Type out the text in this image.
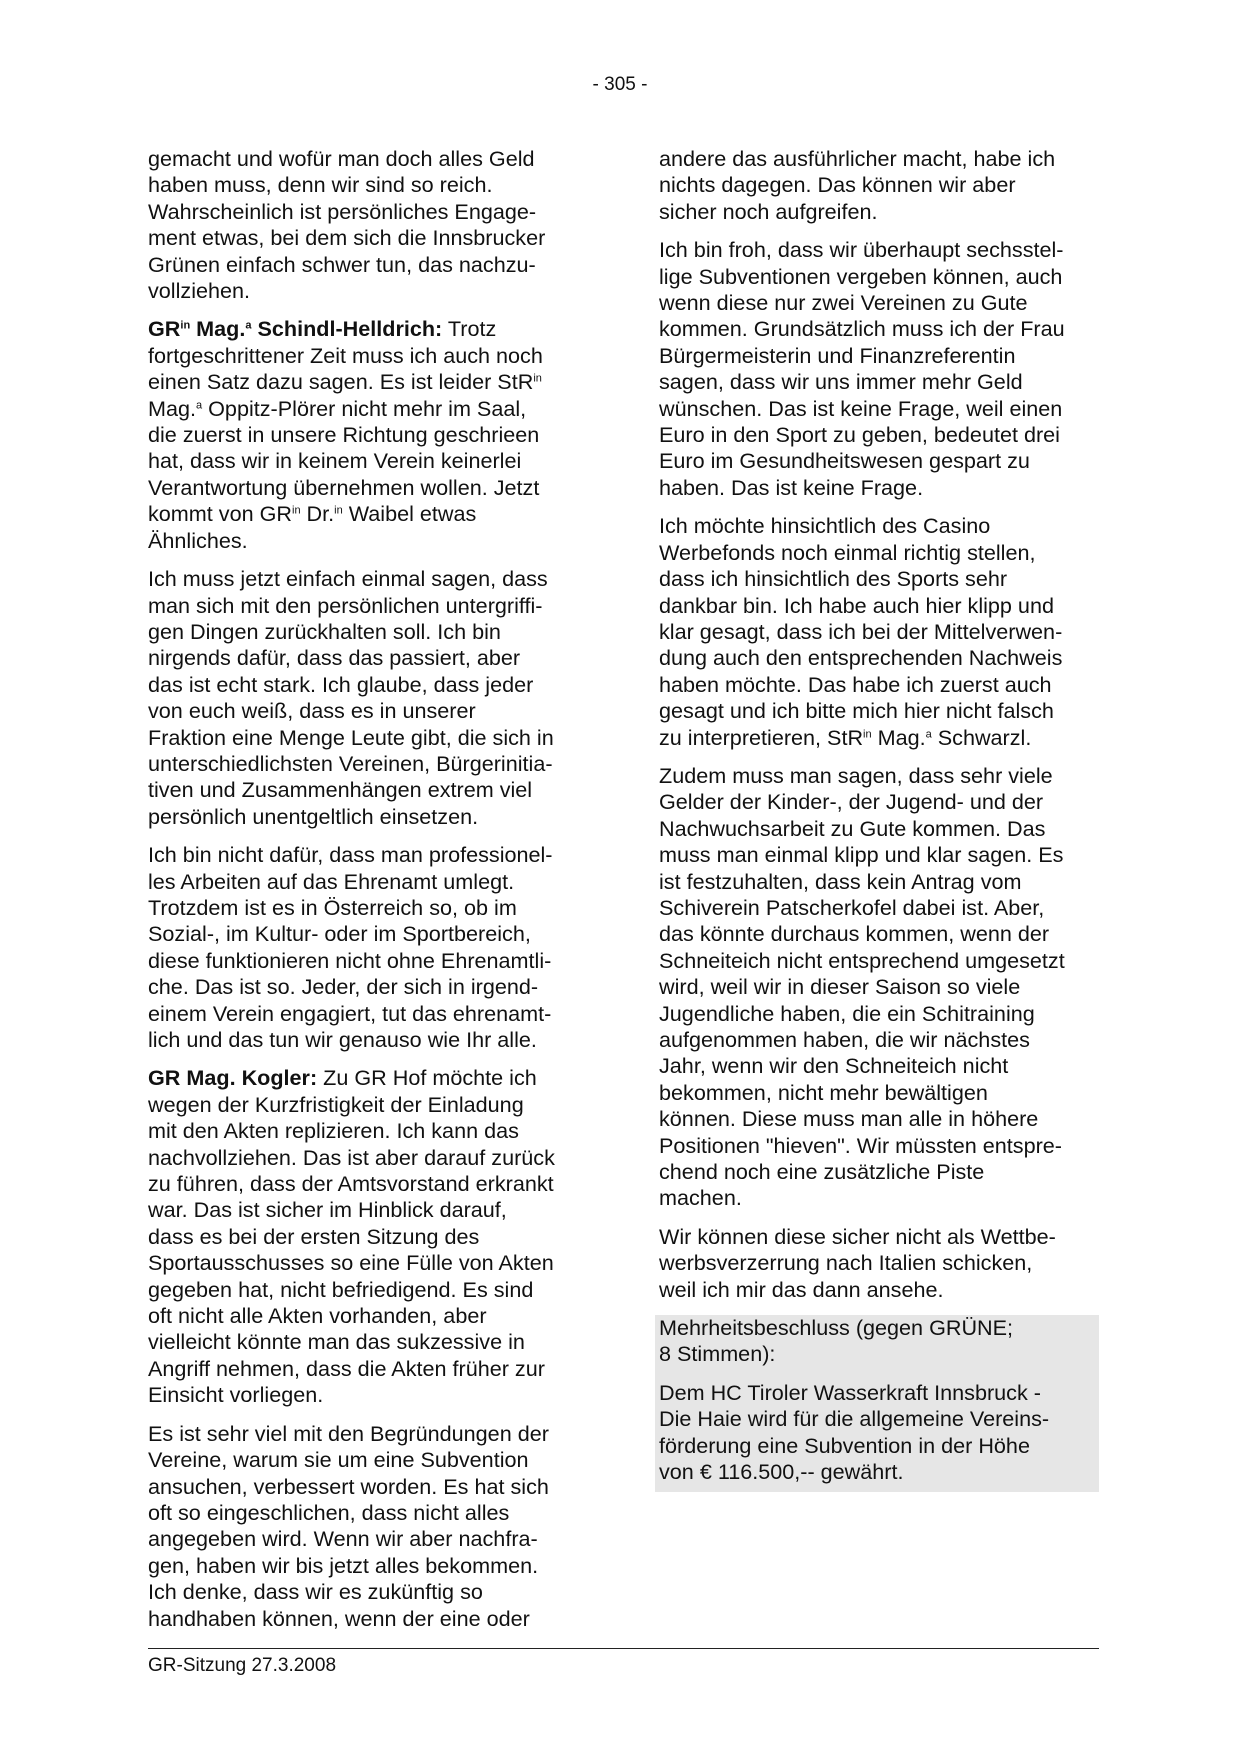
- 305 -

gemacht und wofür man doch alles Geld
haben muss, denn wir sind so reich.
Wahrscheinlich ist persönliches Engage-
ment etwas, bei dem sich die Innsbrucker
Grünen einfach schwer tun, das nachzu-
vollziehen.

$GR^{in}$ Mag.$^a$ Schindl-Helldrich: Trotz
fortgeschrittener Zeit muss ich auch noch
einen Satz dazu sagen. Es ist leider StR$^{in}$
Mag.$^a$ Oppitz-Plörer nicht mehr im Saal,
die zuerst in unsere Richtung geschrieen
hat, dass wir in keinem Verein keinerlei
Verantwortung übernehmen wollen. Jetzt
kommt von $GR^{in}$ Dr.$^{in}$ Waibel etwas
Ähnliches.

Ich muss jetzt einfach einmal sagen, dass
man sich mit den persönlichen untergriffi-
gen Dingen zurückhalten soll. Ich bin
nirgends dafür, dass das passiert, aber
das ist echt stark. Ich glaube, dass jeder
von euch weiß, dass es in unserer
Fraktion eine Menge Leute gibt, die sich in
unterschiedlichsten Vereinen, Bürgerinitia-
tiven und Zusammenhängen extrem viel
persönlich unentgeltlich einsetzen.

Ich bin nicht dafür, dass man professionel-
les Arbeiten auf das Ehrenamt umlegt.
Trotzdem ist es in Österreich so, ob im
Sozial-, im Kultur- oder im Sportbereich,
diese funktionieren nicht ohne Ehrenamtli-
che. Das ist so. Jeder, der sich in irgend-
einem Verein engagiert, tut das ehrenamt-
lich und das tun wir genauso wie Ihr alle.

GR Mag. Kogler: Zu GR Hof möchte ich
wegen der Kurzfristigkeit der Einladung
mit den Akten replizieren. Ich kann das
nachvollziehen. Das ist aber darauf zurück
zu führen, dass der Amtsvorstand erkrankt
war. Das ist sicher im Hinblick darauf,
dass es bei der ersten Sitzung des
Sportausschusses so eine Fülle von Akten
gegeben hat, nicht befriedigend. Es sind
oft nicht alle Akten vorhanden, aber
vielleicht könnte man das sukzessive in
Angriff nehmen, dass die Akten früher zur
Einsicht vorliegen.

Es ist sehr viel mit den Begründungen der
Vereine, warum sie um eine Subvention
ansuchen, verbessert worden. Es hat sich
oft so eingeschlichen, dass nicht alles
angegeben wird. Wenn wir aber nachfra-
gen, haben wir bis jetzt alles bekommen.
Ich denke, dass wir es zukünftig so
handhaben können, wenn der eine oder

andere das ausführlicher macht, habe ich
nichts dagegen. Das können wir aber
sicher noch aufgreifen.

Ich bin froh, dass wir überhaupt sechsstel-
lige Subventionen vergeben können, auch
wenn diese nur zwei Vereinen zu Gute
kommen. Grundsätzlich muss ich der Frau
Bürgermeisterin und Finanzreferentin
sagen, dass wir uns immer mehr Geld
wünschen. Das ist keine Frage, weil einen
Euro in den Sport zu geben, bedeutet drei
Euro im Gesundheitswesen gespart zu
haben. Das ist keine Frage.

Ich möchte hinsichtlich des Casino
Werbefonds noch einmal richtig stellen,
dass ich hinsichtlich des Sports sehr
dankbar bin. Ich habe auch hier klipp und
klar gesagt, dass ich bei der Mittelverwen-
dung auch den entsprechenden Nachweis
haben möchte. Das habe ich zuerst auch
gesagt und ich bitte mich hier nicht falsch
zu interpretieren, StR$^{in}$ Mag.$^a$ Schwarzl.

Zudem muss man sagen, dass sehr viele
Gelder der Kinder-, der Jugend- und der
Nachwuchsarbeit zu Gute kommen. Das
muss man einmal klipp und klar sagen. Es
ist festzuhalten, dass kein Antrag vom
Schiverein Patscherkofel dabei ist. Aber,
das könnte durchaus kommen, wenn der
Schneiteich nicht entsprechend umgesetzt
wird, weil wir in dieser Saison so viele
Jugendliche haben, die ein Schitraining
aufgenommen haben, die wir nächstes
Jahr, wenn wir den Schneiteich nicht
bekommen, nicht mehr bewältigen
können. Diese muss man alle in höhere
Positionen "hieven". Wir müssten entspre-
chend noch eine zusätzliche Piste
machen.

Wir können diese sicher nicht als Wettbe-
werbsverzerrung nach Italien schicken,
weil ich mir das dann ansehe.

Mehrheitsbeschluss (gegen GRÜNE;
8 Stimmen):

Dem HC Tiroler Wasserkraft Innsbruck -
Die Haie wird für die allgemeine Vereins-
förderung eine Subvention in der Höhe
von € 116.500,-- gewährt.

GR-Sitzung 27.3.2008
